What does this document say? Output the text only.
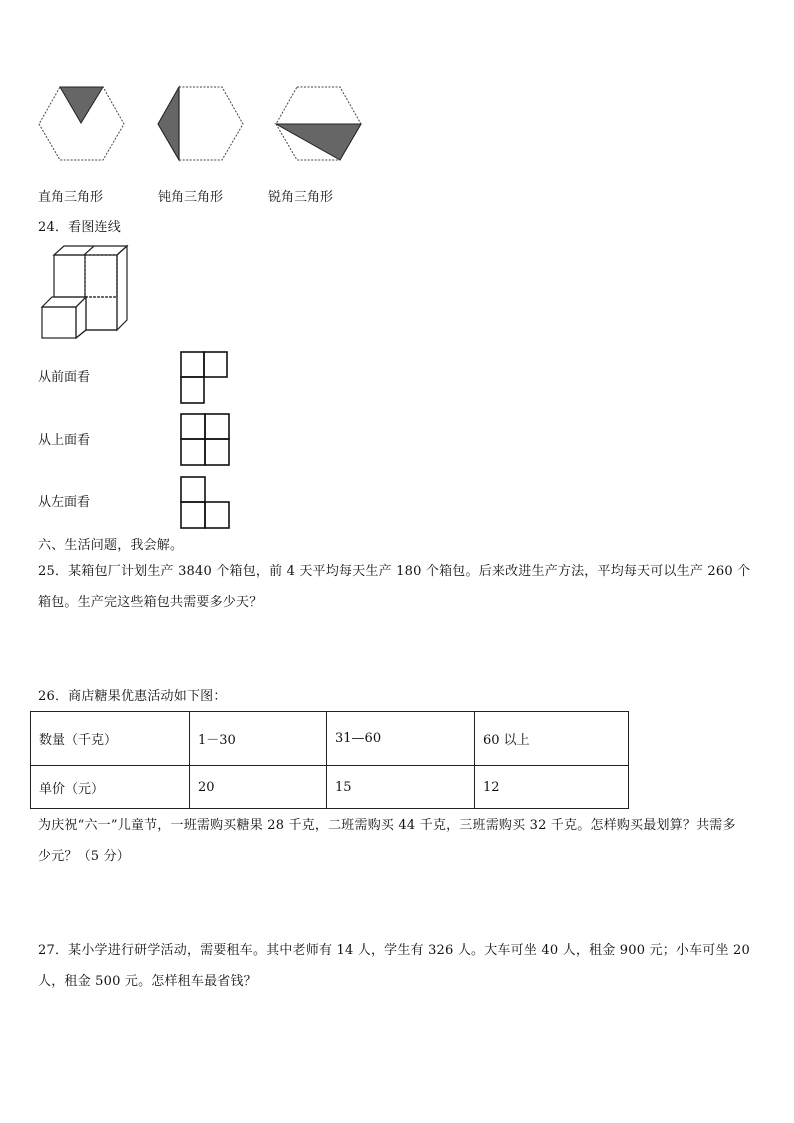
直角三角形	钝角三角形	锐角三角形
24．看图连线
从前面看
从上面看
从左面看
六、生活问题，我会解。
25．某箱包厂计划生产 3840 个箱包，前 4 天平均每天生产 180 个箱包。后来改进生产方法，平均每天可以生产 260 个
箱包。生产完这些箱包共需要多少天？
26．商店糖果优惠活动如下图：
数量（千克）	1－30	31—60	60 以上
单价（元）	20	15	12
为庆祝“六一”儿童节，一班需购买糖果 28 千克，二班需购买 44 千克，三班需购买 32 千克。怎样购买最划算？共需多
少元？（5 分）
27．某小学进行研学活动，需要租车。其中老师有 14 人，学生有 326 人。大车可坐 40 人，租金 900 元；小车可坐 20
人，租金 500 元。怎样租车最省钱？
